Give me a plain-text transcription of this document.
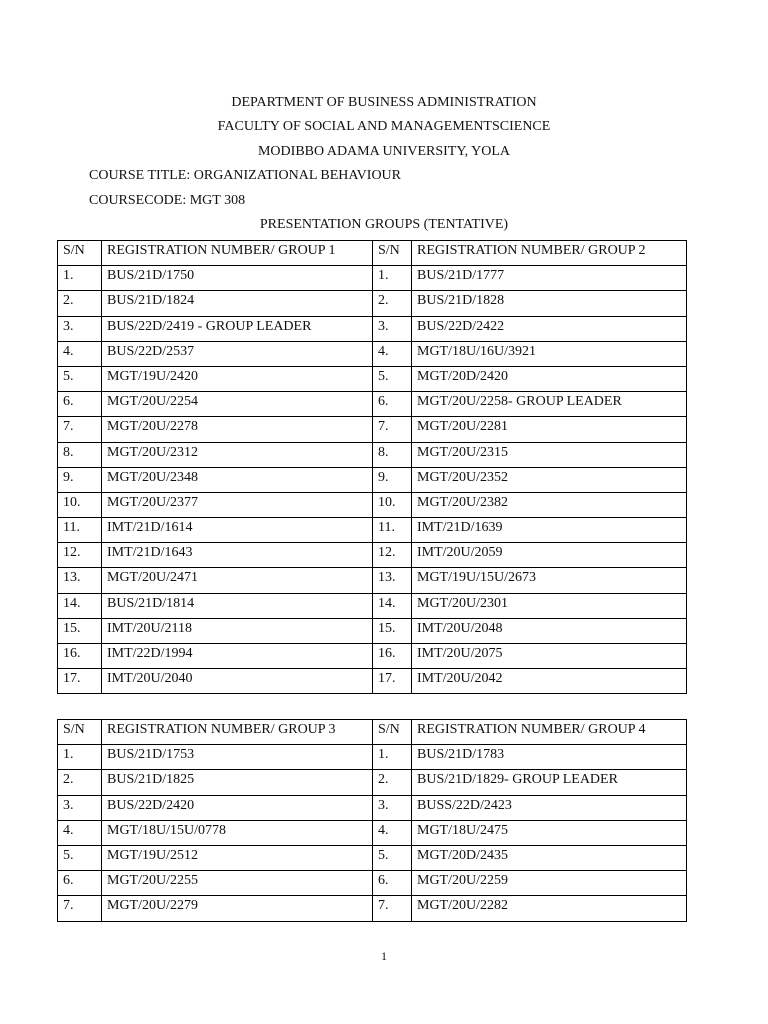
DEPARTMENT OF BUSINESS ADMINISTRATION
FACULTY OF SOCIAL AND MANAGEMENTSCIENCE
MODIBBO ADAMA UNIVERSITY, YOLA
COURSE TITLE: ORGANIZATIONAL BEHAVIOUR
COURSECODE: MGT 308
PRESENTATION GROUPS (TENTATIVE)
S/N	REGISTRATION NUMBER/ GROUP 1	S/N	REGISTRATION NUMBER/ GROUP 2
1.	BUS/21D/1750	1.	BUS/21D/1777
2.	BUS/21D/1824	2.	BUS/21D/1828
3.	BUS/22D/2419 - GROUP LEADER	3.	BUS/22D/2422
4.	BUS/22D/2537	4.	MGT/18U/16U/3921
5.	MGT/19U/2420	5.	MGT/20D/2420
6.	MGT/20U/2254	6.	MGT/20U/2258- GROUP LEADER
7.	MGT/20U/2278	7.	MGT/20U/2281
8.	MGT/20U/2312	8.	MGT/20U/2315
9.	MGT/20U/2348	9.	MGT/20U/2352
10.	MGT/20U/2377	10.	MGT/20U/2382
11.	IMT/21D/1614	11.	IMT/21D/1639
12.	IMT/21D/1643	12.	IMT/20U/2059
13.	MGT/20U/2471	13.	MGT/19U/15U/2673
14.	BUS/21D/1814	14.	MGT/20U/2301
15.	IMT/20U/2118	15.	IMT/20U/2048
16.	IMT/22D/1994	16.	IMT/20U/2075
17.	IMT/20U/2040	17.	IMT/20U/2042
S/N	REGISTRATION NUMBER/ GROUP 3	S/N	REGISTRATION NUMBER/ GROUP 4
1.	BUS/21D/1753	1.	BUS/21D/1783
2.	BUS/21D/1825	2.	BUS/21D/1829- GROUP LEADER
3.	BUS/22D/2420	3.	BUSS/22D/2423
4.	MGT/18U/15U/0778	4.	MGT/18U/2475
5.	MGT/19U/2512	5.	MGT/20D/2435
6.	MGT/20U/2255	6.	MGT/20U/2259
7.	MGT/20U/2279	7.	MGT/20U/2282
1
